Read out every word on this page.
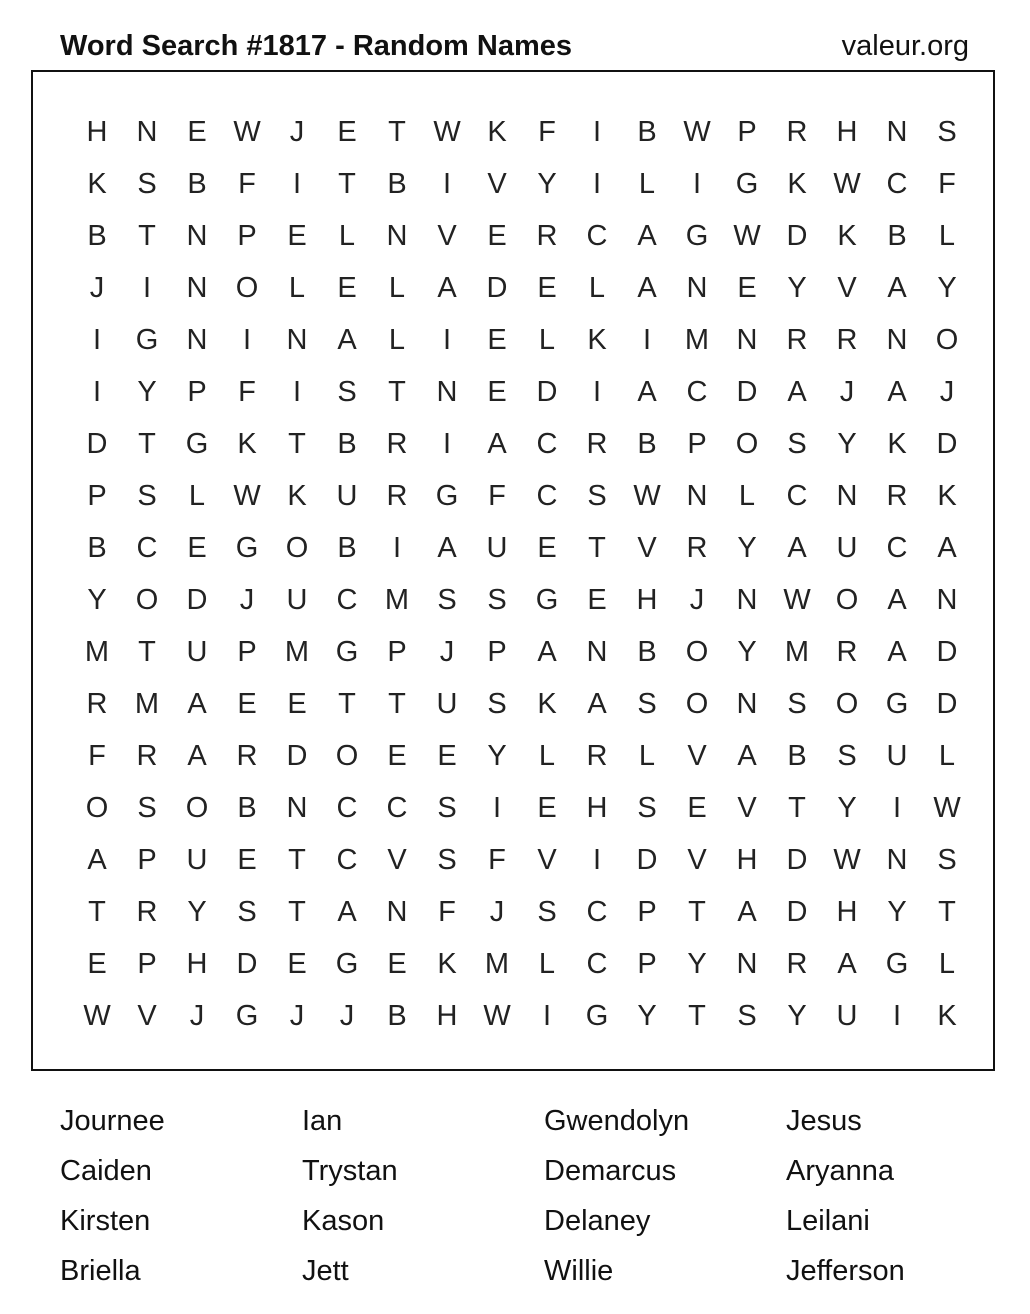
Word Search #1817 - Random Names	valeur.org
H	N	E W	J	E	T W K	F	I	B W P	R	H	N	S
K	S	B	F	I	T	B	I	V	Y	I	L	I	G	K W C	F
B	T	N	P	E	L	N	V	E	R	C	A	G W D	K	B	L
J	I	N O	L	E	L	A	D	E	L	A	N	E	Y	V	A	Y
I	G N	I	N	A	L	I	E	L	K	I	M N	R	R	N O
I	Y	P	F	I	S	T	N	E	D	I	A	C	D	A	J	A	J
D	T	G	K	T	B	R	I	A	C	R	B	P	O	S	Y	K	D
P	S	L W K	U	R G	F	C	S W N	L	C	N	R	K
B	C	E	G O	B	I	A	U	E	T	V	R	Y	A	U	C	A
Y	O D	J	U	C M S	S	G	E	H	J	N W O	A	N
M	T	U	P M G	P	J	P	A	N	B	O	Y M R	A	D
R M A	E	E	T	T	U	S	K	A	S	O N	S	O G D
F	R	A	R	D O	E	E	Y	L	R	L	V	A	B	S	U	L
O	S	O	B	N	C	C	S	I	E	H	S	E	V	T	Y	I	W
A	P	U	E	T	C	V	S	F	V	I	D	V	H	D W N	S
T	R	Y	S	T	A	N	F	J	S	C	P	T	A	D	H	Y	T
E	P	H	D	E	G	E	K M	L	C	P	Y	N	R	A	G	L
W V	J	G	J	J	B	H W	I	G	Y	T	S	Y	U	I	K
Journee	Ian	Gwendolyn	Jesus
Caiden	Trystan	Demarcus	Aryanna
Kirsten	Kason	Delaney	Leilani
Briella	Jett	Willie	Jefferson
